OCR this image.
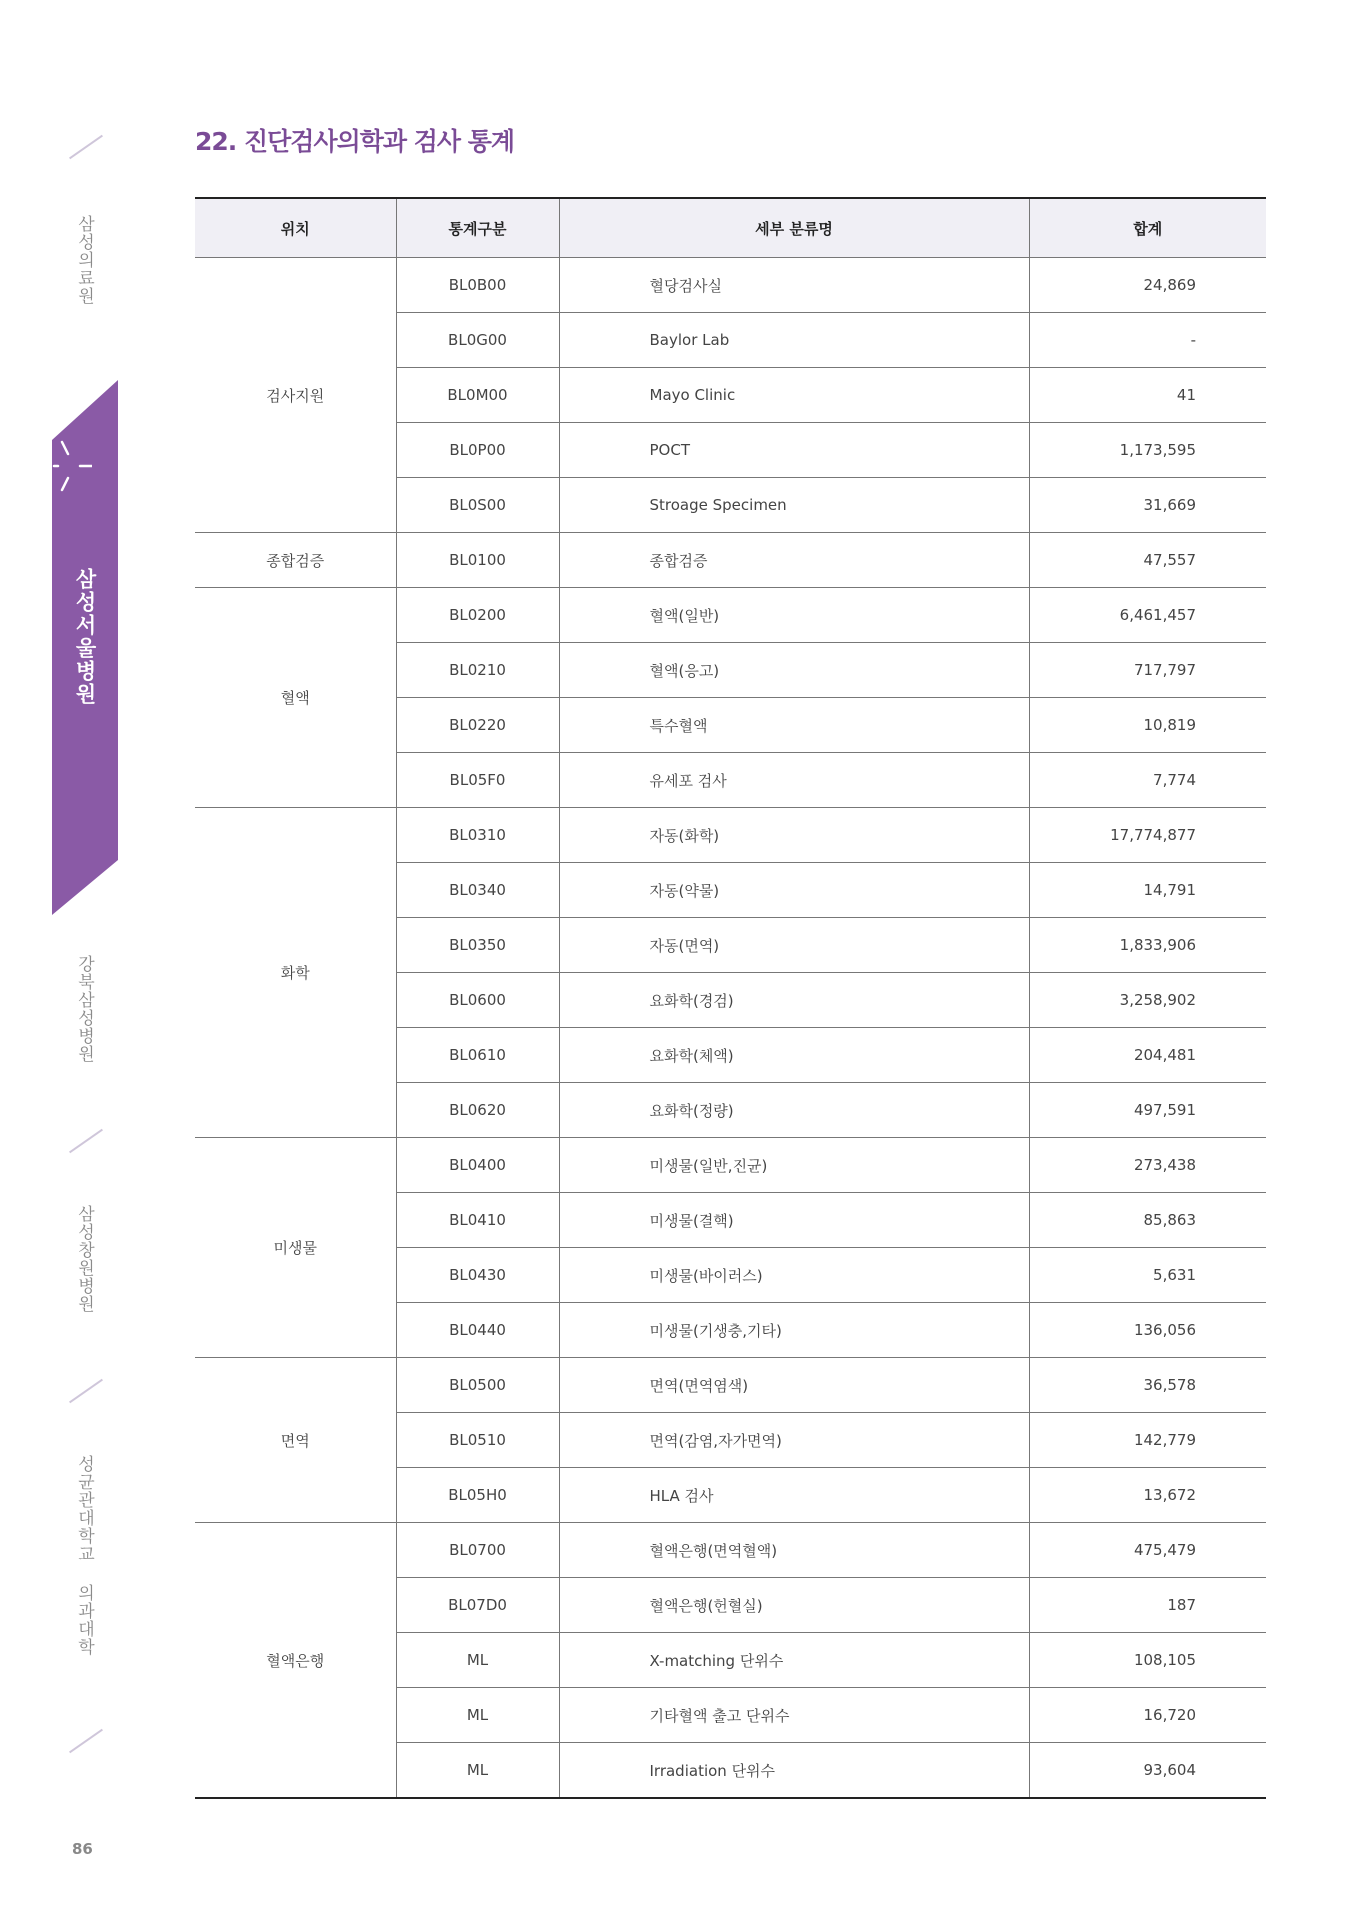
삼성의료원
삼성서울병원
강북삼성병원
삼성창원병원
성균관대학교 의과대학
86
22. 진단검사의학과 검사 통계
위치	통계구분	세부 분류명	합계
검사지원	BL0B00	혈당검사실	24,869
	BL0G00	Baylor Lab	-
	BL0M00	Mayo Clinic	41
	BL0P00	POCT	1,173,595
	BL0S00	Stroage Specimen	31,669
종합검증	BL0100	종합검증	47,557
혈액	BL0200	혈액(일반)	6,461,457
	BL0210	혈액(응고)	717,797
	BL0220	특수혈액	10,819
	BL05F0	유세포 검사	7,774
화학	BL0310	자동(화학)	17,774,877
	BL0340	자동(약물)	14,791
	BL0350	자동(면역)	1,833,906
	BL0600	요화학(경검)	3,258,902
	BL0610	요화학(체액)	204,481
	BL0620	요화학(정량)	497,591
미생물	BL0400	미생물(일반,진균)	273,438
	BL0410	미생물(결핵)	85,863
	BL0430	미생물(바이러스)	5,631
	BL0440	미생물(기생충,기타)	136,056
면역	BL0500	면역(면역염색)	36,578
	BL0510	면역(감염,자가면역)	142,779
	BL05H0	HLA 검사	13,672
혈액은행	BL0700	혈액은행(면역혈액)	475,479
	BL07D0	혈액은행(헌혈실)	187
	ML	X-matching 단위수	108,105
	ML	기타혈액 출고 단위수	16,720
	ML	Irradiation 단위수	93,604
